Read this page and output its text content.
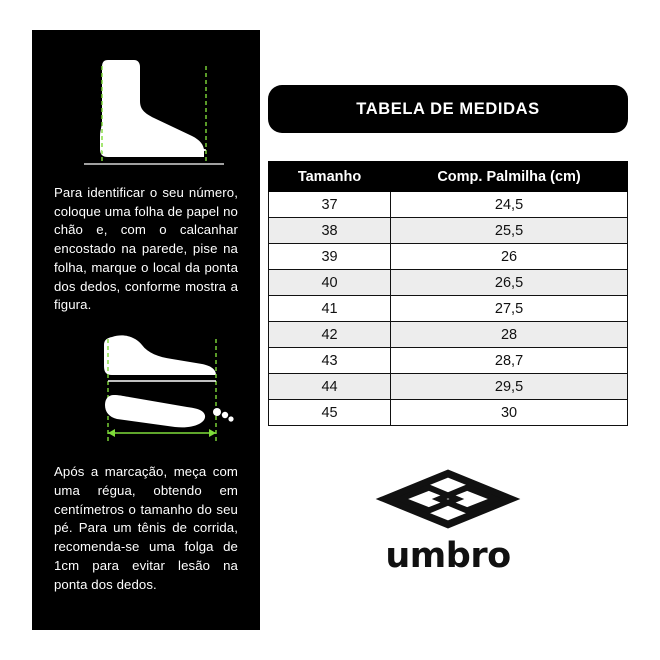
Para identificar o seu número, coloque uma folha de papel no chão e, com o calcanhar encostado na parede, pise na folha, marque o local da ponta dos dedos, conforme mostra a figura.

Após a marcação, meça com uma régua, obtendo em centímetros o tamanho do seu pé. Para um tênis de corrida, recomenda-se uma folga de 1cm para evitar lesão na ponta dos dedos.

TABELA DE MEDIDAS
Tamanho	Comp. Palmilha (cm)
37	24,5
38	25,5
39	26
40	26,5
41	27,5
42	28
43	28,7
44	29,5
45	30
umbro
